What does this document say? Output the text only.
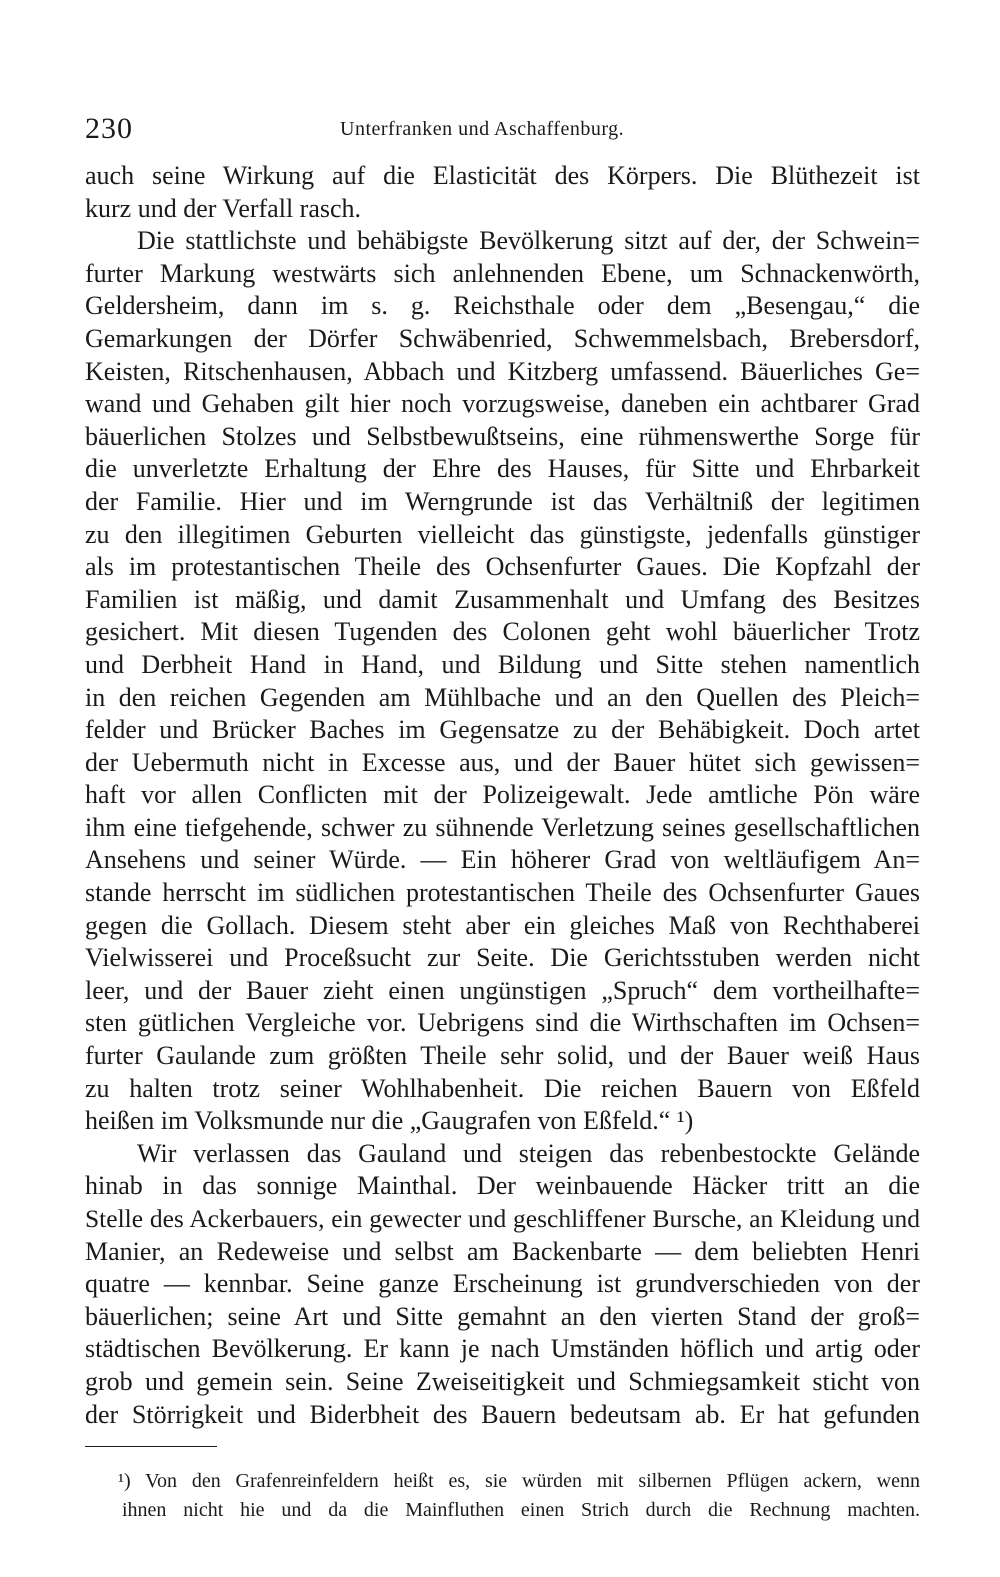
230	Unterfranken und Aschaffenburg.
auch seine Wirkung auf die Elasticität des Körpers. Die Blüthezeit ist
kurz und der Verfall rasch.
Die stattlichste und behäbigste Bevölkerung sitzt auf der, der Schwein=
furter Markung westwärts sich anlehnenden Ebene, um Schnackenwörth,
Geldersheim, dann im s. g. Reichsthale oder dem „Besengau,“ die
Gemarkungen der Dörfer Schwäbenried, Schwemmelsbach, Brebersdorf,
Keisten, Ritschenhausen, Abbach und Kitzberg umfassend. Bäuerliches Ge=
wand und Gehaben gilt hier noch vorzugsweise, daneben ein achtbarer Grad
bäuerlichen Stolzes und Selbstbewußtseins, eine rühmenswerthe Sorge für
die unverletzte Erhaltung der Ehre des Hauses, für Sitte und Ehrbarkeit
der Familie. Hier und im Werngrunde ist das Verhältniß der legitimen
zu den illegitimen Geburten vielleicht das günstigste, jedenfalls günstiger
als im protestantischen Theile des Ochsenfurter Gaues. Die Kopfzahl der
Familien ist mäßig, und damit Zusammenhalt und Umfang des Besitzes
gesichert. Mit diesen Tugenden des Colonen geht wohl bäuerlicher Trotz
und Derbheit Hand in Hand, und Bildung und Sitte stehen namentlich
in den reichen Gegenden am Mühlbache und an den Quellen des Pleich=
felder und Brücker Baches im Gegensatze zu der Behäbigkeit. Doch artet
der Uebermuth nicht in Excesse aus, und der Bauer hütet sich gewissen=
haft vor allen Conflicten mit der Polizeigewalt. Jede amtliche Pön wäre
ihm eine tiefgehende, schwer zu sühnende Verletzung seines gesellschaftlichen
Ansehens und seiner Würde. — Ein höherer Grad von weltläufigem An=
stande herrscht im südlichen protestantischen Theile des Ochsenfurter Gaues
gegen die Gollach. Diesem steht aber ein gleiches Maß von Rechthaberei
Vielwisserei und Proceßsucht zur Seite. Die Gerichtsstuben werden nicht
leer, und der Bauer zieht einen ungünstigen „Spruch“ dem vortheilhafte=
sten gütlichen Vergleiche vor. Uebrigens sind die Wirthschaften im Ochsen=
furter Gaulande zum größten Theile sehr solid, und der Bauer weiß Haus
zu halten trotz seiner Wohlhabenheit. Die reichen Bauern von Eßfeld
heißen im Volksmunde nur die „Gaugrafen von Eßfeld.“ ¹)
Wir verlassen das Gauland und steigen das rebenbestockte Gelände
hinab in das sonnige Mainthal. Der weinbauende Häcker tritt an die
Stelle des Ackerbauers, ein gewecter und geschliffener Bursche, an Kleidung und
Manier, an Redeweise und selbst am Backenbarte — dem beliebten Henri
quatre — kennbar. Seine ganze Erscheinung ist grundverschieden von der
bäuerlichen; seine Art und Sitte gemahnt an den vierten Stand der groß=
städtischen Bevölkerung. Er kann je nach Umständen höflich und artig oder
grob und gemein sein. Seine Zweiseitigkeit und Schmiegsamkeit sticht von
der Störrigkeit und Biderbheit des Bauern bedeutsam ab. Er hat gefunden
¹) Von den Grafenreinfeldern heißt es, sie würden mit silbernen Pflügen ackern, wenn
ihnen nicht hie und da die Mainfluthen einen Strich durch die Rechnung machten.
